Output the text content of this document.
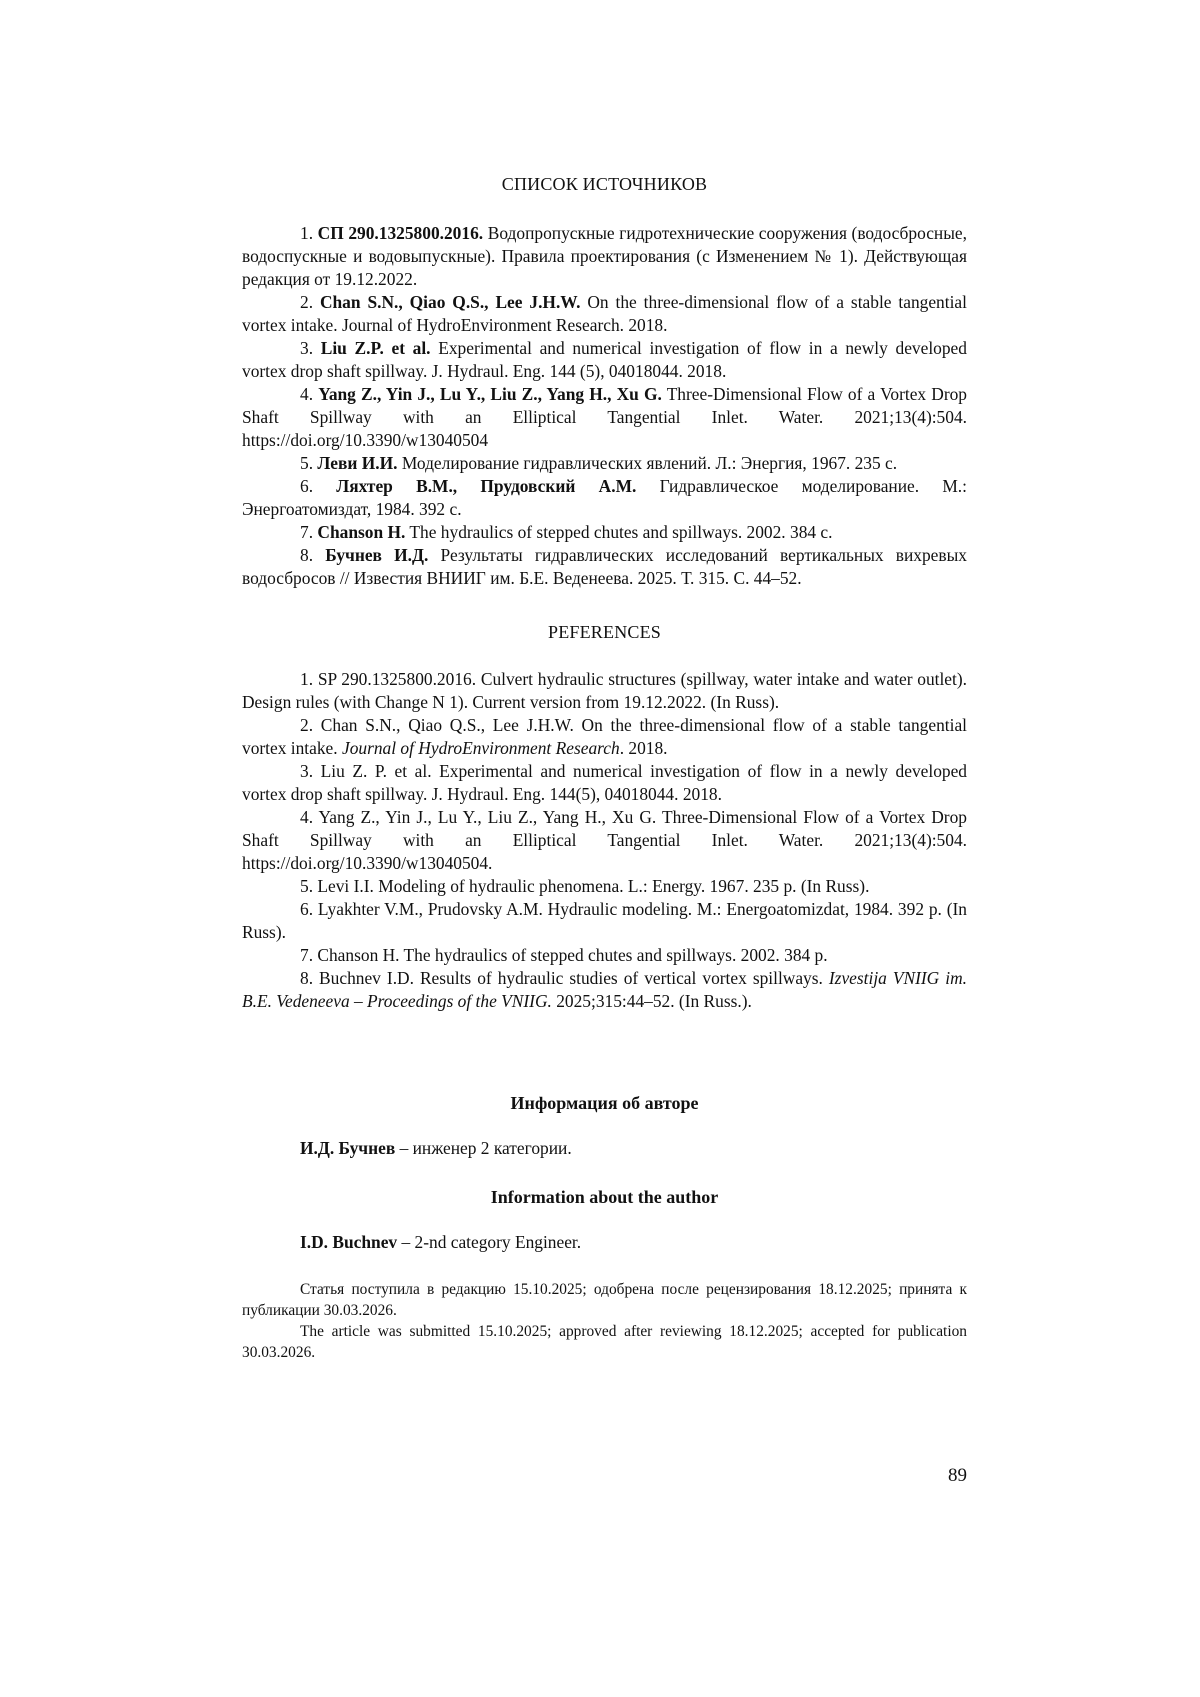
СПИСОК ИСТОЧНИКОВ

1. СП 290.1325800.2016. Водопропускные гидротехнические сооружения (водосбросные, водоспускные и водовыпускные). Правила проектирования (с Изменением № 1). Действующая редакция от 19.12.2022.

2. Chan S.N., Qiao Q.S., Lee J.H.W. On the three-dimensional flow of a stable tangential vortex intake. Journal of HydroEnvironment Research. 2018.

3. Liu Z.P. et al. Experimental and numerical investigation of flow in a newly developed vortex drop shaft spillway. J. Hydraul. Eng. 144 (5), 04018044. 2018.

4. Yang Z., Yin J., Lu Y., Liu Z., Yang H., Xu G. Three-Dimensional Flow of a Vortex Drop Shaft Spillway with an Elliptical Tangential Inlet. Water. 2021;13(4):504. https://doi.org/10.3390/w13040504

5. Леви И.И. Моделирование гидравлических явлений. Л.: Энергия, 1967. 235 с.

6. Ляхтер В.М., Прудовский А.М. Гидравлическое моделирование. М.: Энергоатомиздат, 1984. 392 с.

7. Chanson H. The hydraulics of stepped chutes and spillways. 2002. 384 с.

8. Бучнев И.Д. Результаты гидравлических исследований вертикальных вихревых водосбросов // Известия ВНИИГ им. Б.Е. Веденеева. 2025. Т. 315. С. 44–52.

PEFERENCES

1. SP 290.1325800.2016. Culvert hydraulic structures (spillway, water intake and water outlet). Design rules (with Change N 1). Current version from 19.12.2022. (In Russ).

2. Chan S.N., Qiao Q.S., Lee J.H.W. On the three-dimensional flow of a stable tangential vortex intake. Journal of HydroEnvironment Research. 2018.

3. Liu Z. P. et al. Experimental and numerical investigation of flow in a newly developed vortex drop shaft spillway. J. Hydraul. Eng. 144(5), 04018044. 2018.

4. Yang Z., Yin J., Lu Y., Liu Z., Yang H., Xu G. Three-Dimensional Flow of a Vortex Drop Shaft Spillway with an Elliptical Tangential Inlet. Water. 2021;13(4):504. https://doi.org/10.3390/w13040504.

5. Levi I.I. Modeling of hydraulic phenomena. L.: Energy. 1967. 235 p. (In Russ).

6. Lyakhter V.M., Prudovsky A.M. Hydraulic modeling. M.: Energoatomizdat, 1984. 392 p. (In Russ).

7. Chanson H. The hydraulics of stepped chutes and spillways. 2002. 384 p.

8. Buchnev I.D. Results of hydraulic studies of vertical vortex spillways. Izvestija VNIIG im. B.E. Vedeneeva – Proceedings of the VNIIG. 2025;315:44–52. (In Russ.).

Информация об авторе

И.Д. Бучнев – инженер 2 категории.

Information about the author

I.D. Buchnev – 2-nd category Engineer.

Статья поступила в редакцию 15.10.2025; одобрена после рецензирования 18.12.2025; принята к публикации 30.03.2026.

The article was submitted 15.10.2025; approved after reviewing 18.12.2025; accepted for publication 30.03.2026.

89
